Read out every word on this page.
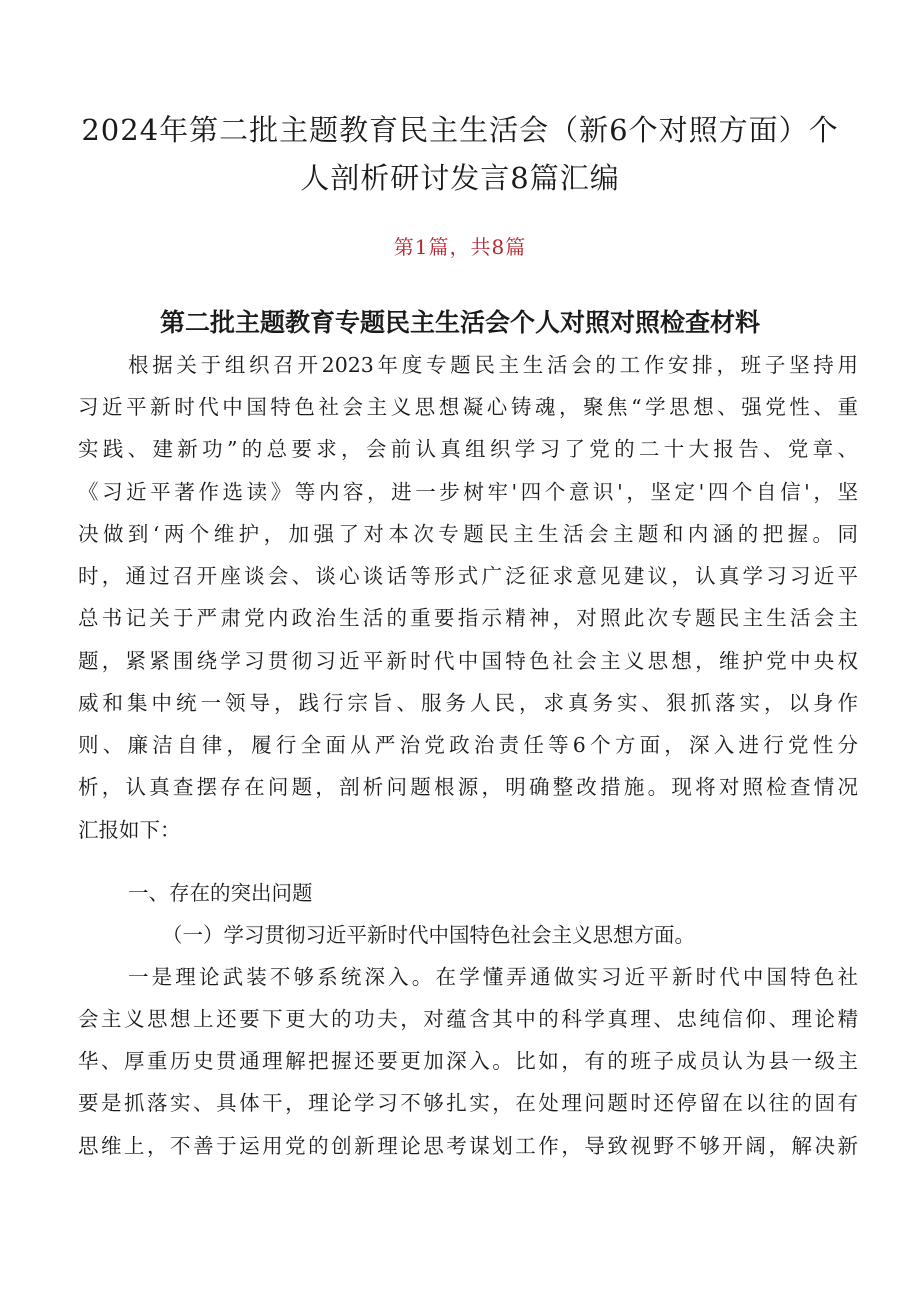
2024年第二批主题教育民主生活会（新6个对照方面）个
人剖析研讨发言8篇汇编
第1篇，共8篇
第二批主题教育专题民主生活会个人对照对照检查材料
根据关于组织召开2023年度专题民主生活会的工作安排，班子坚持用
习近平新时代中国特色社会主义思想凝心铸魂，聚焦“学思想、强党性、重
实践、建新功”的总要求，会前认真组织学习了党的二十大报告、党章、
《习近平著作选读》等内容，进一步树牢'四个意识'，坚定'四个自信'，坚
决做到‘两个维护，加强了对本次专题民主生活会主题和内涵的把握。同
时，通过召开座谈会、谈心谈话等形式广泛征求意见建议，认真学习习近平
总书记关于严肃党内政治生活的重要指示精神，对照此次专题民主生活会主
题，紧紧围绕学习贯彻习近平新时代中国特色社会主义思想，维护党中央权
威和集中统一领导，践行宗旨、服务人民，求真务实、狠抓落实，以身作
则、廉洁自律，履行全面从严治党政治责任等6个方面，深入进行党性分
析，认真查摆存在问题，剖析问题根源，明确整改措施。现将对照检查情况
汇报如下：
一、存在的突出问题
（一）学习贯彻习近平新时代中国特色社会主义思想方面。
一是理论武装不够系统深入。在学懂弄通做实习近平新时代中国特色社
会主义思想上还要下更大的功夫，对蕴含其中的科学真理、忠纯信仰、理论精
华、厚重历史贯通理解把握还要更加深入。比如，有的班子成员认为县一级主
要是抓落实、具体干，理论学习不够扎实，在处理问题时还停留在以往的固有
思维上，不善于运用党的创新理论思考谋划工作，导致视野不够开阔，解决新
